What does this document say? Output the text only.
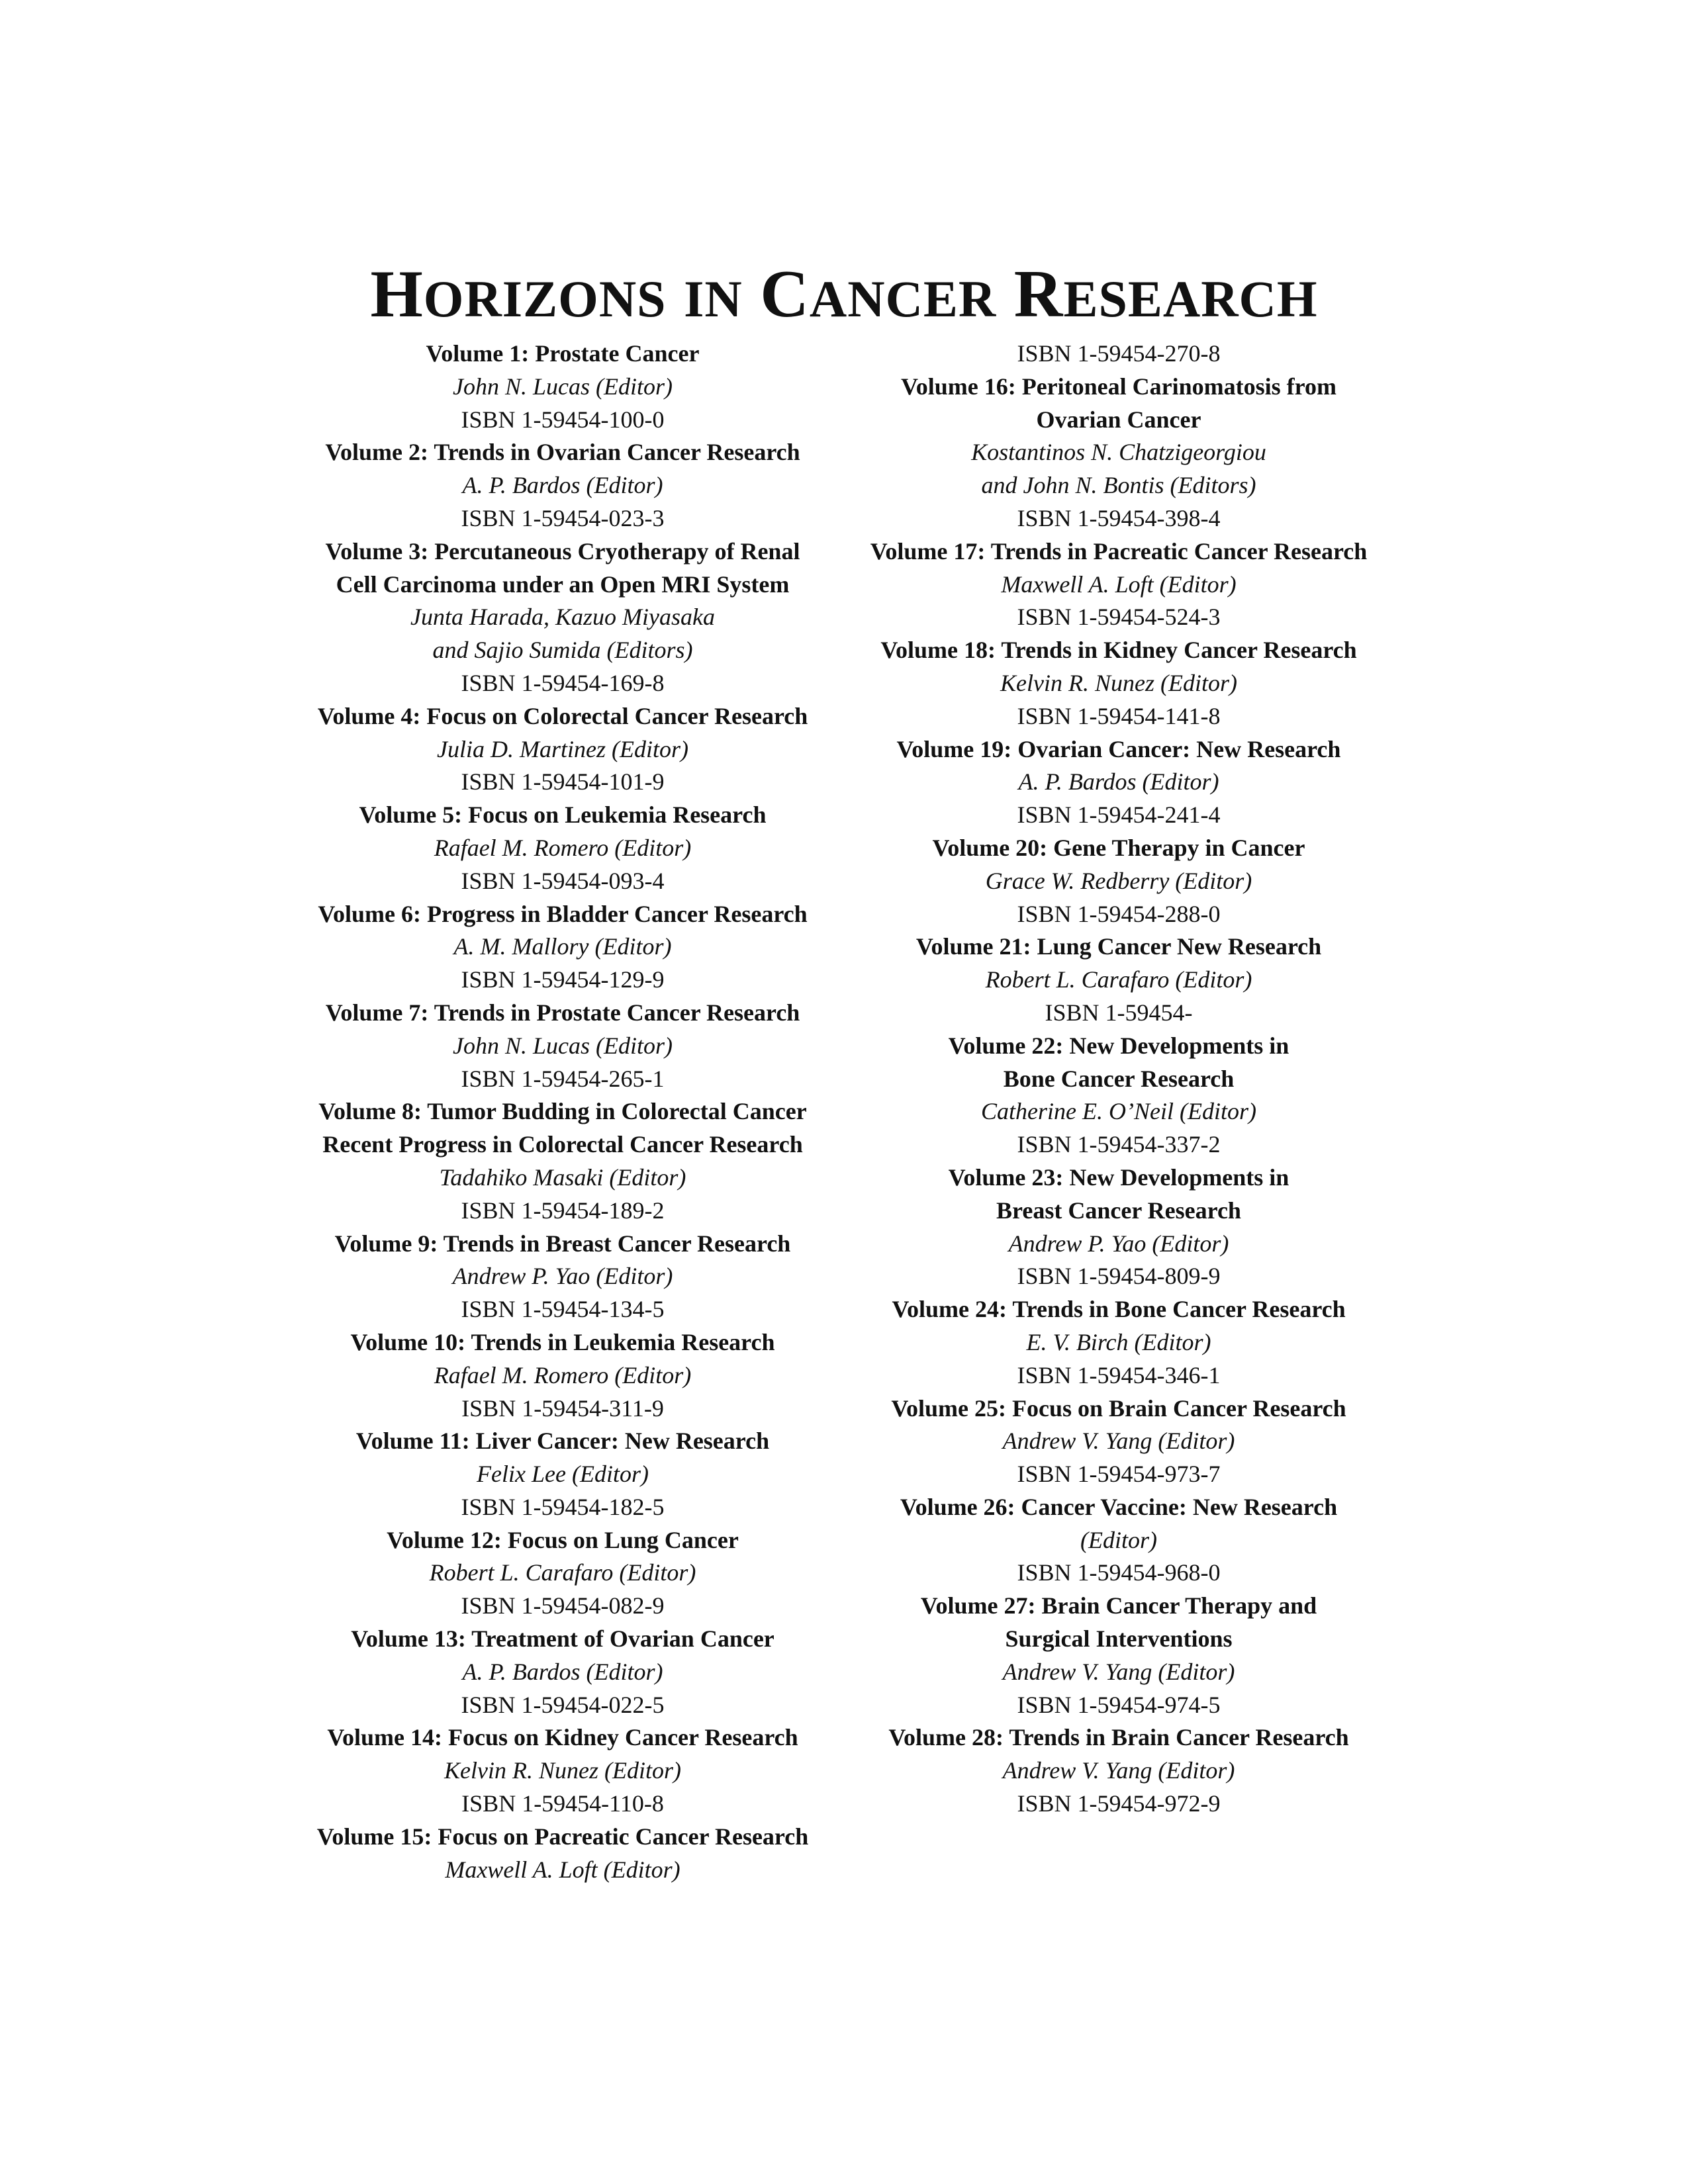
HORIZONS IN CANCER RESEARCH
Volume 1: Prostate Cancer
John N. Lucas (Editor)
ISBN 1-59454-100-0
Volume 2: Trends in Ovarian Cancer Research
A. P. Bardos (Editor)
ISBN 1-59454-023-3
Volume 3: Percutaneous Cryotherapy of Renal
Cell Carcinoma under an Open MRI System
Junta Harada, Kazuo Miyasaka
and Sajio Sumida (Editors)
ISBN 1-59454-169-8
Volume 4: Focus on Colorectal Cancer Research
Julia D. Martinez (Editor)
ISBN 1-59454-101-9
Volume 5: Focus on Leukemia Research
Rafael M. Romero (Editor)
ISBN 1-59454-093-4
Volume 6: Progress in Bladder Cancer Research
A. M. Mallory (Editor)
ISBN 1-59454-129-9
Volume 7: Trends in Prostate Cancer Research
John N. Lucas (Editor)
ISBN 1-59454-265-1
Volume 8: Tumor Budding in Colorectal Cancer
Recent Progress in Colorectal Cancer Research
Tadahiko Masaki (Editor)
ISBN 1-59454-189-2
Volume 9: Trends in Breast Cancer Research
Andrew P. Yao (Editor)
ISBN 1-59454-134-5
Volume 10: Trends in Leukemia Research
Rafael M. Romero (Editor)
ISBN 1-59454-311-9
Volume 11: Liver Cancer: New Research
Felix Lee (Editor)
ISBN 1-59454-182-5
Volume 12: Focus on Lung Cancer
Robert L. Carafaro (Editor)
ISBN 1-59454-082-9
Volume 13: Treatment of Ovarian Cancer
A. P. Bardos (Editor)
ISBN 1-59454-022-5
Volume 14: Focus on Kidney Cancer Research
Kelvin R. Nunez (Editor)
ISBN 1-59454-110-8
Volume 15: Focus on Pacreatic Cancer Research
Maxwell A. Loft (Editor)
ISBN 1-59454-270-8
Volume 16: Peritoneal Carinomatosis from
Ovarian Cancer
Kostantinos N. Chatzigeorgiou
and John N. Bontis (Editors)
ISBN 1-59454-398-4
Volume 17: Trends in Pacreatic Cancer Research
Maxwell A. Loft (Editor)
ISBN 1-59454-524-3
Volume 18: Trends in Kidney Cancer Research
Kelvin R. Nunez (Editor)
ISBN 1-59454-141-8
Volume 19: Ovarian Cancer: New Research
A. P. Bardos (Editor)
ISBN 1-59454-241-4
Volume 20: Gene Therapy in Cancer
Grace W. Redberry (Editor)
ISBN 1-59454-288-0
Volume 21: Lung Cancer New Research
Robert L. Carafaro (Editor)
ISBN 1-59454-
Volume 22: New Developments in
Bone Cancer Research
Catherine E. O’Neil (Editor)
ISBN 1-59454-337-2
Volume 23: New Developments in
Breast Cancer Research
Andrew P. Yao (Editor)
ISBN 1-59454-809-9
Volume 24: Trends in Bone Cancer Research
E. V. Birch (Editor)
ISBN 1-59454-346-1
Volume 25: Focus on Brain Cancer Research
Andrew V. Yang (Editor)
ISBN 1-59454-973-7
Volume 26: Cancer Vaccine: New Research
(Editor)
ISBN 1-59454-968-0
Volume 27: Brain Cancer Therapy and
Surgical Interventions
Andrew V. Yang (Editor)
ISBN 1-59454-974-5
Volume 28: Trends in Brain Cancer Research
Andrew V. Yang (Editor)
ISBN 1-59454-972-9
